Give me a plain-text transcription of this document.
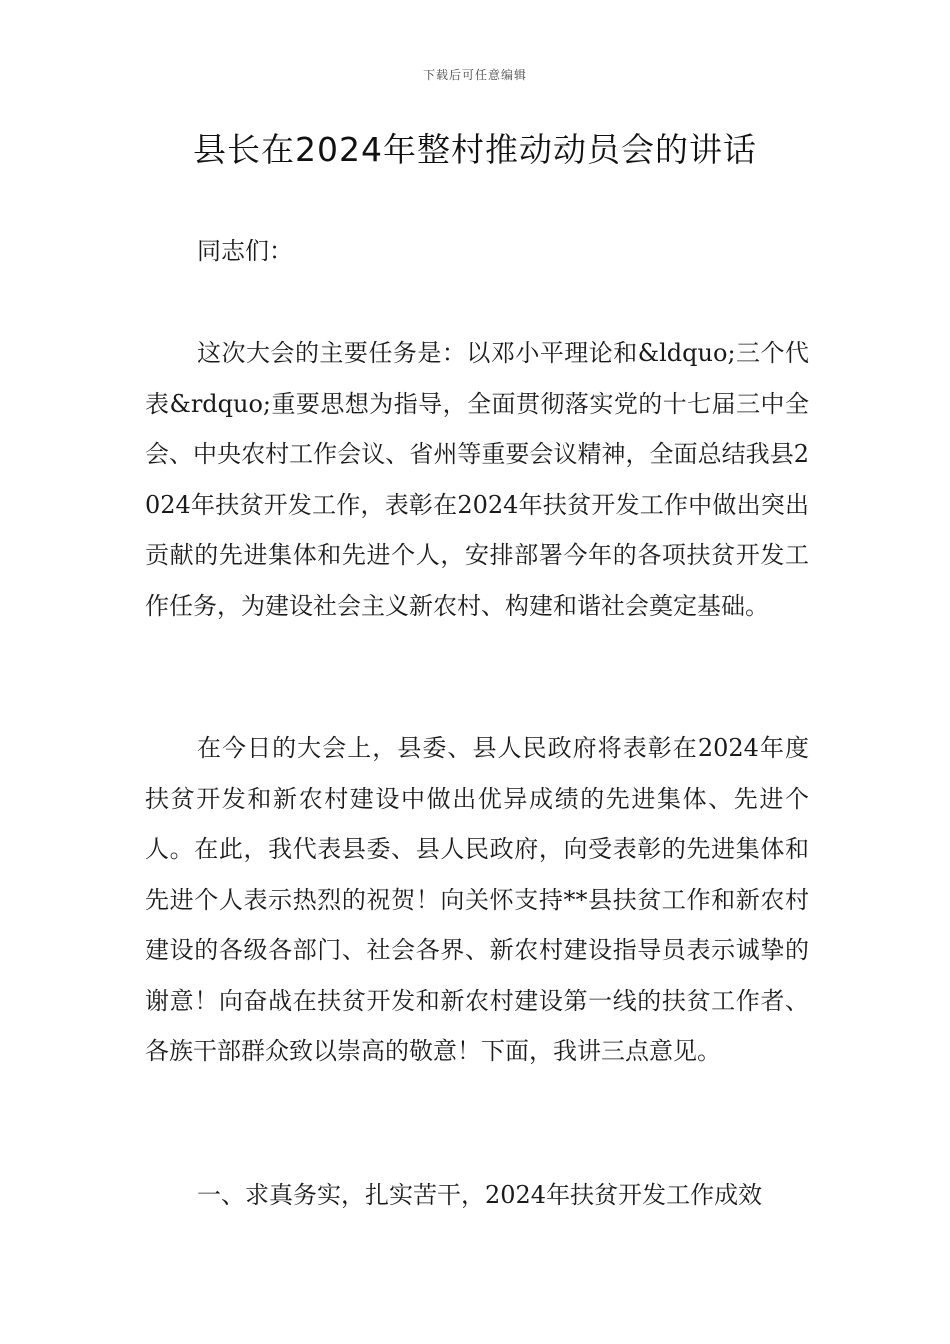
下载后可任意编辑
县长在2024年整村推动动员会的讲话

同志们：

这次大会的主要任务是：以邓小平理论和&ldquo;三个代表&rdquo;重要思想为指导，全面贯彻落实党的十七届三中全会、中央农村工作会议、省州等重要会议精神，全面总结我县2024年扶贫开发工作，表彰在2024年扶贫开发工作中做出突出贡献的先进集体和先进个人，安排部署今年的各项扶贫开发工作任务，为建设社会主义新农村、构建和谐社会奠定基础。

在今日的大会上，县委、县人民政府将表彰在2024年度扶贫开发和新农村建设中做出优异成绩的先进集体、先进个人。在此，我代表县委、县人民政府，向受表彰的先进集体和先进个人表示热烈的祝贺！向关怀支持**县扶贫工作和新农村建设的各级各部门、社会各界、新农村建设指导员表示诚挚的谢意！向奋战在扶贫开发和新农村建设第一线的扶贫工作者、各族干部群众致以崇高的敬意！下面，我讲三点意见。

一、求真务实，扎实苦干，2024年扶贫开发工作成效
